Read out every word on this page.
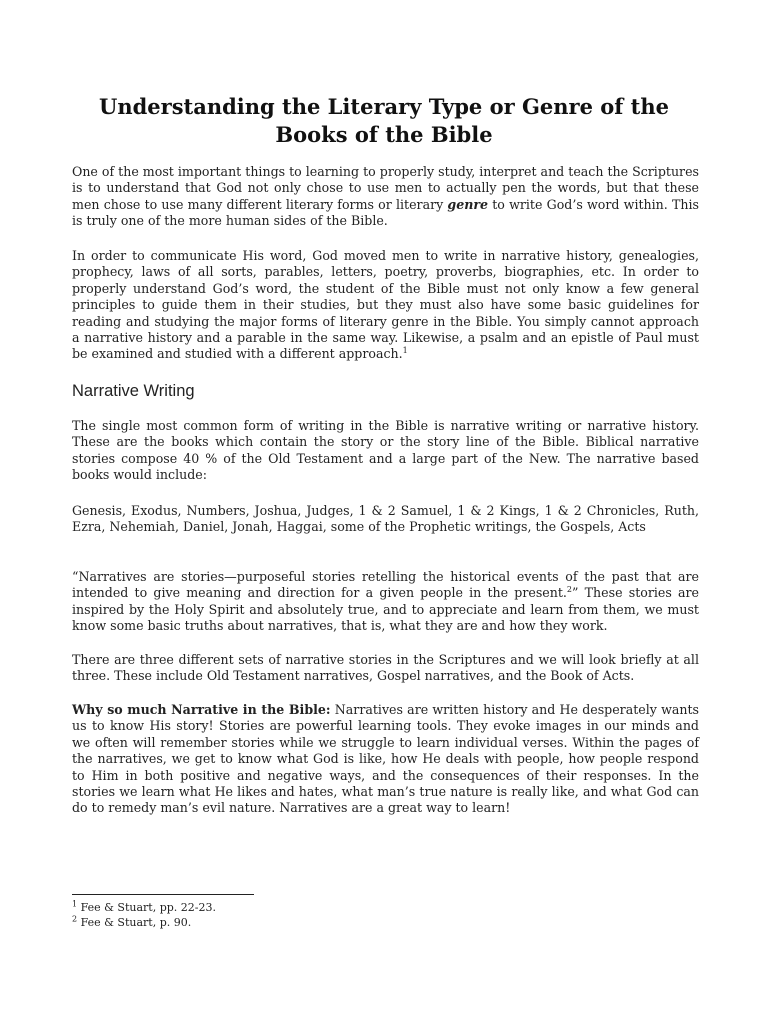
Understanding the Literary Type or Genre of the Books of the Bible

One of the most important things to learning to properly study, interpret and teach the Scriptures is to understand that God not only chose to use men to actually pen the words, but that these men chose to use many different literary forms or literary genre to write God’s word within. This is truly one of the more human sides of the Bible.

In order to communicate His word, God moved men to write in narrative history, genealogies, prophecy, laws of all sorts, parables, letters, poetry, proverbs, biographies, etc. In order to properly understand God’s word, the student of the Bible must not only know a few general principles to guide them in their studies, but they must also have some basic guidelines for reading and studying the major forms of literary genre in the Bible. You simply cannot approach a narrative history and a parable in the same way. Likewise, a psalm and an epistle of Paul must be examined and studied with a different approach.$^1$

Narrative Writing

The single most common form of writing in the Bible is narrative writing or narrative history. These are the books which contain the story or the story line of the Bible. Biblical narrative stories compose 40 % of the Old Testament and a large part of the New. The narrative based books would include:

Genesis, Exodus, Numbers, Joshua, Judges, 1 & 2 Samuel, 1 & 2 Kings, 1 & 2 Chronicles, Ruth, Ezra, Nehemiah, Daniel, Jonah, Haggai, some of the Prophetic writings, the Gospels, Acts

“Narratives are stories—purposeful stories retelling the historical events of the past that are intended to give meaning and direction for a given people in the present.$^2$” These stories are inspired by the Holy Spirit and absolutely true, and to appreciate and learn from them, we must know some basic truths about narratives, that is, what they are and how they work.

There are three different sets of narrative stories in the Scriptures and we will look briefly at all three. These include Old Testament narratives, Gospel narratives, and the Book of Acts.

Why so much Narrative in the Bible: Narratives are written history and He desperately wants us to know His story! Stories are powerful learning tools. They evoke images in our minds and we often will remember stories while we struggle to learn individual verses. Within the pages of the narratives, we get to know what God is like, how He deals with people, how people respond to Him in both positive and negative ways, and the consequences of their responses. In the stories we learn what He likes and hates, what man’s true nature is really like, and what God can do to remedy man’s evil nature. Narratives are a great way to learn!

$^1$ Fee & Stuart, pp. 22-23.
$^2$ Fee & Stuart, p. 90.
